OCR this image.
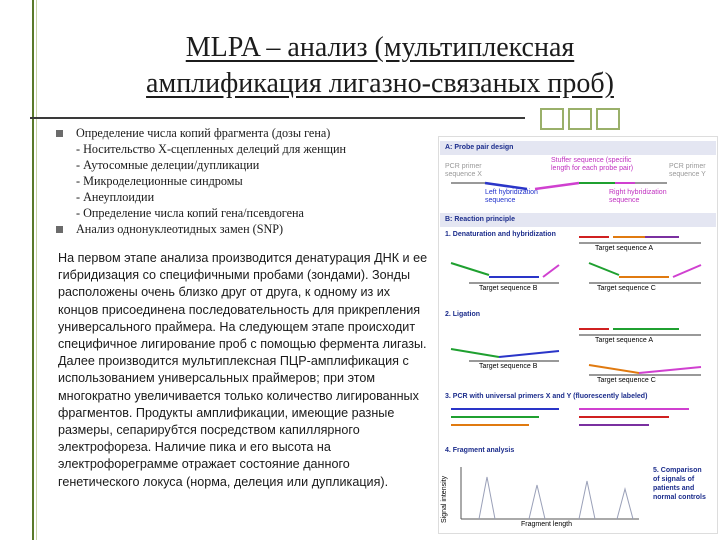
MLPA – анализ (мультиплексная
амплификация лигазно-связаных проб)
Определение числа копий фрагмента (дозы гена)
- Носительство Х-сцепленных делеций для женщин
- Аутосомные делеции/дупликации
- Микроделеционные синдромы
- Анеуплоидии
- Определение числа копий гена/псевдогена
Анализ однонуклеотидных замен (SNP)
На первом этапе анализа производится денатурация ДНК и ее гибридизация со специфичными пробами (зондами). Зонды расположены очень близко друг от друга, к одному из их концов присоединена последовательность для прикрепления универсального праймера. На следующем этапе происходит специфичное лигирование проб с помощью фермента лигазы. Далее производится мультиплексная ПЦР-амплификация с использованием универсальных праймеров; при этом многократно увеличивается только количество лигированных фрагментов. Продукты амплификации, имеющие разные размеры, сепарирубтся посредством капиллярного электрофореза. Наличие пика и его высота на электрофореграмме отражает состояние данного генетического локуса (норма, делеция или дупликация).
A: Probe pair design
PCR primer
sequence X
Stuffer sequence (specific
length for each probe pair)	PCR primer
sequence Y
Left hybridization
sequence
Right hybridization
sequence
B: Reaction principle
1. Denaturation and hybridization
Target sequence A
Target sequence B	Target sequence C
2. Ligation
Target sequence A
Target sequence B
Target sequence C
3. PCR with universal primers X and Y (fluorescently labeled)
4. Fragment analysis
5. Comparison
of signals of
patients and
normal controls
Signal intensity
Fragment length
